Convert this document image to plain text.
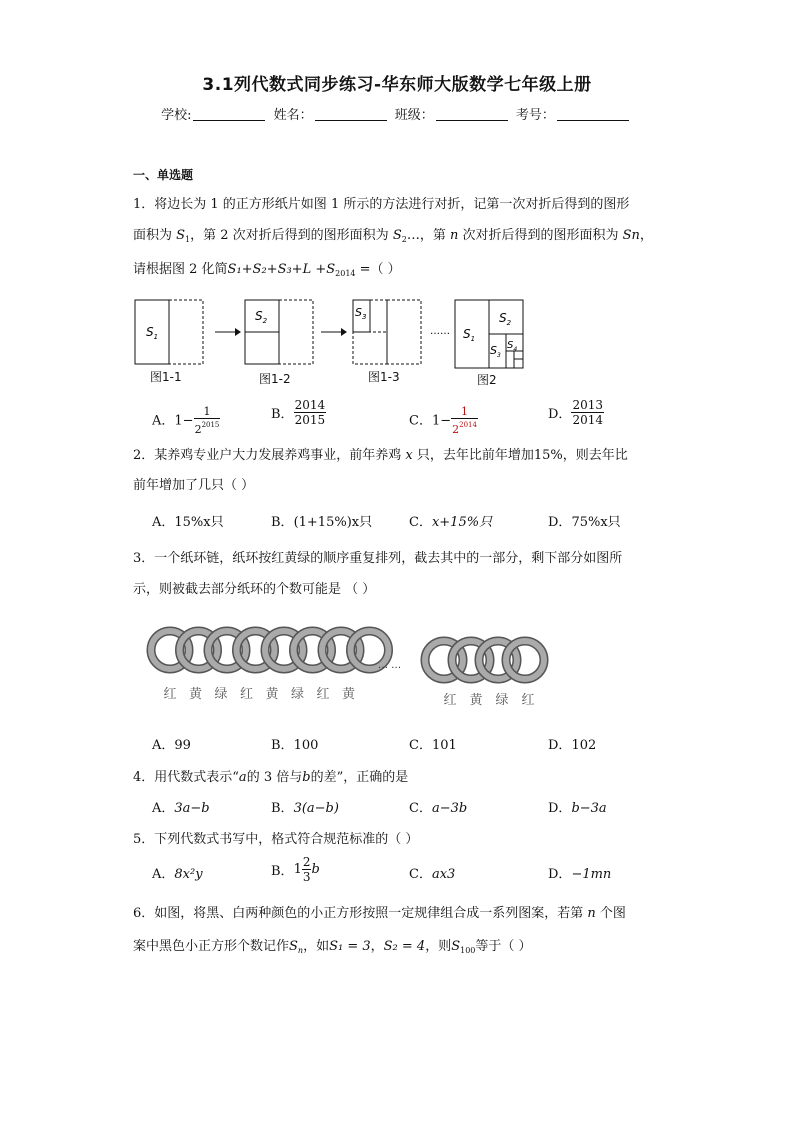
3.1列代数式同步练习-华东师大版数学七年级上册
学校:	姓名：	班级：	考号：
一、单选题
1．将边长为 1 的正方形纸片如图 1 所示的方法进行对折，记第一次对折后得到的图形
面积为 $S_1$，第 2 次对折后得到的图形面积为 $S_2\dots$，第 n 次对折后得到的图形面积为 Sn，
请根据图 2 化简$S_1+S_2+S_3+L +S_{2014}$ =（ ）
$S_1$
$S_2$
$S_3$
…… $S_1$
$S_2$
$S_3$
$S_4$
图1-1	图1-2	图1-3	图2
A．$1- \frac{1}{2^{2015}}$	B． $\frac{2014}{2015}$	C．$1- \frac{1}{2^{2014}}$	D． $\frac{2013}{2014}$
2．某养鸡专业户大力发展养鸡事业，前年养鸡 x 只，去年比前年增加15%，则去年比
前年增加了几只（ ）
A．15%x只	B．(1+15%)x只	C．x+15%只	D．75%x只
3．一个纸环链，纸环按红黄绿的顺序重复排列，截去其中的一部分，剩下部分如图所
示，则被截去部分纸环的个数可能是 （ ）
… …
红 黄 绿 红 黄 绿 红 黄	红 黄 绿 红
A．99	B．100	C．101	D．102
4．用代数式表示“a的 3 倍与b的差”，正确的是
A．3a−b	B．3(a−b)	C．a−3b	D．b−3a
5．下列代数式书写中，格式符合规范标准的（ ）
A．8x²y	B．$1 \frac{2}{3}$ b	C．ax3	D．−1mn
6．如图，将黑、白两种颜色的小正方形按照一定规律组合成一系列图案，若第 n 个图
案中黑色小正方形个数记作$S_n$，如S₁ = 3，S₂ = 4，则$S_{100}$等于（ ）
